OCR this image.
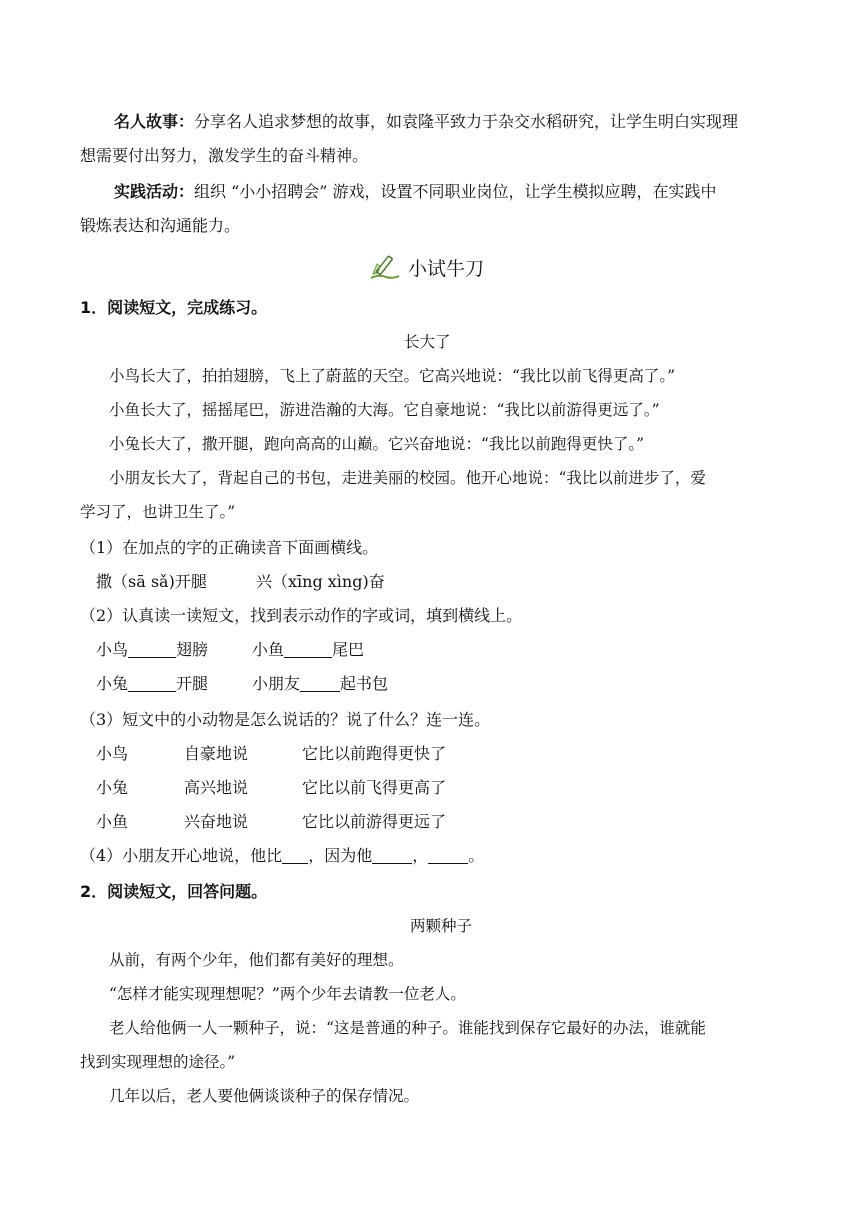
名人故事：分享名人追求梦想的故事，如袁隆平致力于杂交水稻研究，让学生明白实现理
想需要付出努力，激发学生的奋斗精神。
实践活动：组织 “小小招聘会” 游戏，设置不同职业岗位，让学生模拟应聘，在实践中
锻炼表达和沟通能力。
小试牛刀
1．阅读短文，完成练习。
长大了
小鸟长大了，拍拍翅膀，飞上了蔚蓝的天空。它高兴地说：“我比以前飞得更高了。”
小鱼长大了，摇摇尾巴，游进浩瀚的大海。它自豪地说：“我比以前游得更远了。”
小兔长大了，撒开腿，跑向高高的山巅。它兴奋地说：“我比以前跑得更快了。”
小朋友长大了，背起自己的书包，走进美丽的校园。他开心地说：“我比以前进步了，爱
学习了，也讲卫生了。”
（1）在加点的字的正确读音下面画横线。
撒（sā sǎ)开腿	兴（xīng xìng)奋
（2）认真读一读短文，找到表示动作的字或词，填到横线上。
小鸟	翅膀	小鱼	尾巴
小兔	开腿	小朋友	起书包
（3）短文中的小动物是怎么说话的？说了什么？连一连。
小鸟	自豪地说	它比以前跑得更快了
小兔	高兴地说	它比以前飞得更高了
小鱼	兴奋地说	它比以前游得更远了
（4）小朋友开心地说，他比 ，因为他	，	。
2．阅读短文，回答问题。
两颗种子
从前，有两个少年，他们都有美好的理想。
“怎样才能实现理想呢？”两个少年去请教一位老人。
老人给他俩一人一颗种子，说：“这是普通的种子。谁能找到保存它最好的办法，谁就能
找到实现理想的途径。”
几年以后，老人要他俩谈谈种子的保存情况。
